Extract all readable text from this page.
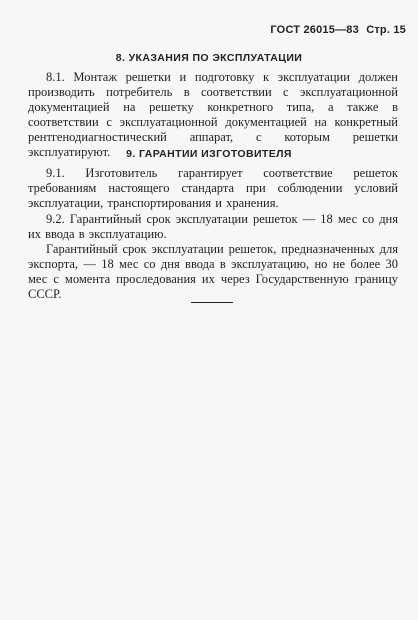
ГОСТ 26015—83 Стр. 15
8. УКАЗАНИЯ ПО ЭКСПЛУАТАЦИИ
8.1. Монтаж решетки и подготовку к эксплуатации должен производить потребитель в соответствии с эксплуатационной документацией на решетку конкретного типа, а также в соответствии с эксплуатационной документацией на конкретный рентгенодиагностический аппарат, с которым решетки эксплуатируют.	9. ГАРАНТИИ ИЗГОТОВИТЕЛЯ
9.1. Изготовитель гарантирует соответствие решеток требованиям настоящего стандарта при соблюдении условий эксплуатации, транспортирования и хранения.
9.2. Гарантийный срок эксплуатации решеток — 18 мес со дня их ввода в эксплуатацию.
Гарантийный срок эксплуатации решеток, предназначенных для экспорта, — 18 мес со дня ввода в эксплуатацию, но не более 30 мес с момента проследования их через Государственную границу СССР.
